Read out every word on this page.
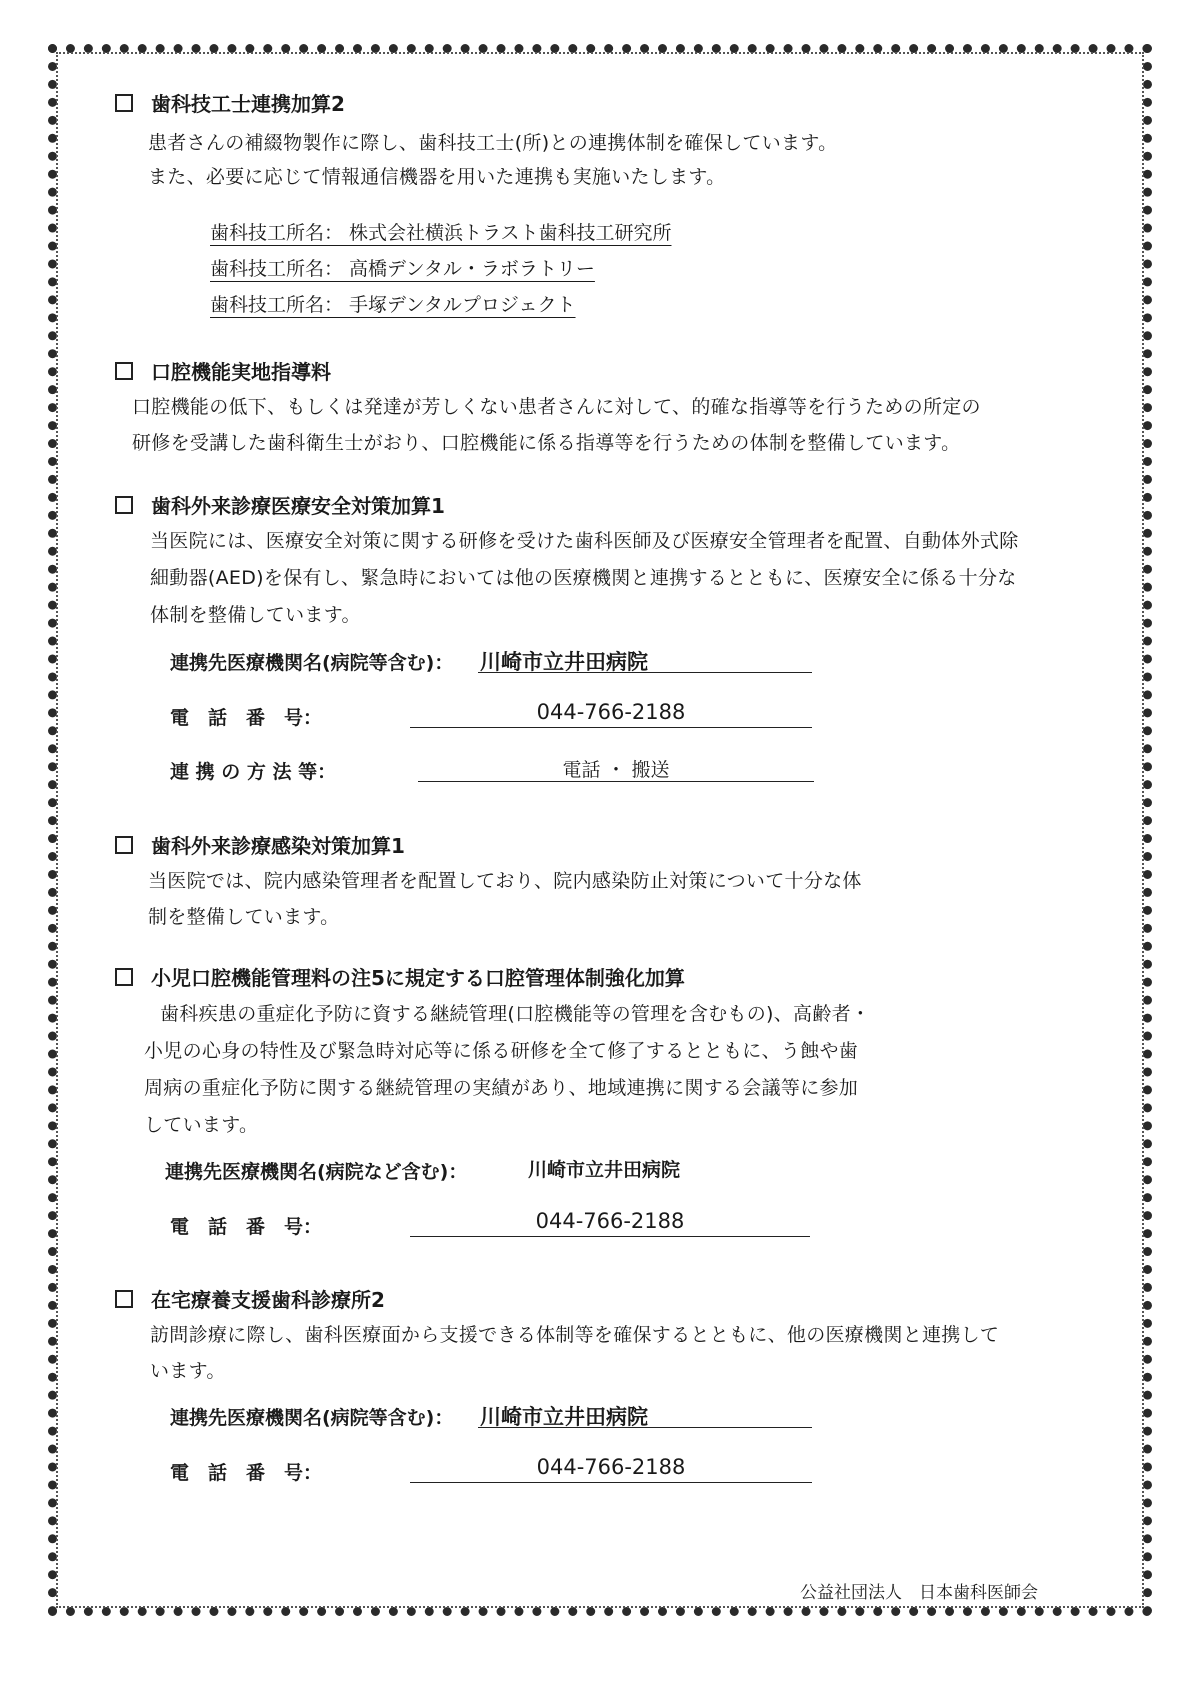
歯科技工士連携加算2
患者さんの補綴物製作に際し、歯科技工士(所)との連携体制を確保しています。
また、必要に応じて情報通信機器を用いた連携も実施いたします。
歯科技工所名： 株式会社横浜トラスト歯科技工研究所
歯科技工所名： 高橋デンタル・ラボラトリー
歯科技工所名： 手塚デンタルプロジェクト
口腔機能実地指導料
口腔機能の低下、もしくは発達が芳しくない患者さんに対して、的確な指導等を行うための所定の
研修を受講した歯科衛生士がおり、口腔機能に係る指導等を行うための体制を整備しています。
歯科外来診療医療安全対策加算1
当医院には、医療安全対策に関する研修を受けた歯科医師及び医療安全管理者を配置、自動体外式除
細動器(AED)を保有し、緊急時においては他の医療機関と連携するとともに、医療安全に係る十分な
体制を整備しています。
連携先医療機関名(病院等含む)： 川崎市立井田病院
電　話　番　号：	044-766-2188
連 携 の 方 法 等：	電話 ・ 搬送
歯科外来診療感染対策加算1
当医院では、院内感染管理者を配置しており、院内感染防止対策について十分な体
制を整備しています。
小児口腔機能管理料の注5に規定する口腔管理体制強化加算
歯科疾患の重症化予防に資する継続管理(口腔機能等の管理を含むもの)、高齢者・
小児の心身の特性及び緊急時対応等に係る研修を全て修了するとともに、う蝕や歯
周病の重症化予防に関する継続管理の実績があり、地域連携に関する会議等に参加
しています。
連携先医療機関名(病院など含む)：	川崎市立井田病院
電　話　番　号：	044-766-2188
在宅療養支援歯科診療所2
訪問診療に際し、歯科医療面から支援できる体制等を確保するとともに、他の医療機関と連携して
います。
連携先医療機関名(病院等含む)： 川崎市立井田病院
電　話　番　号：	044-766-2188
公益社団法人　日本歯科医師会
